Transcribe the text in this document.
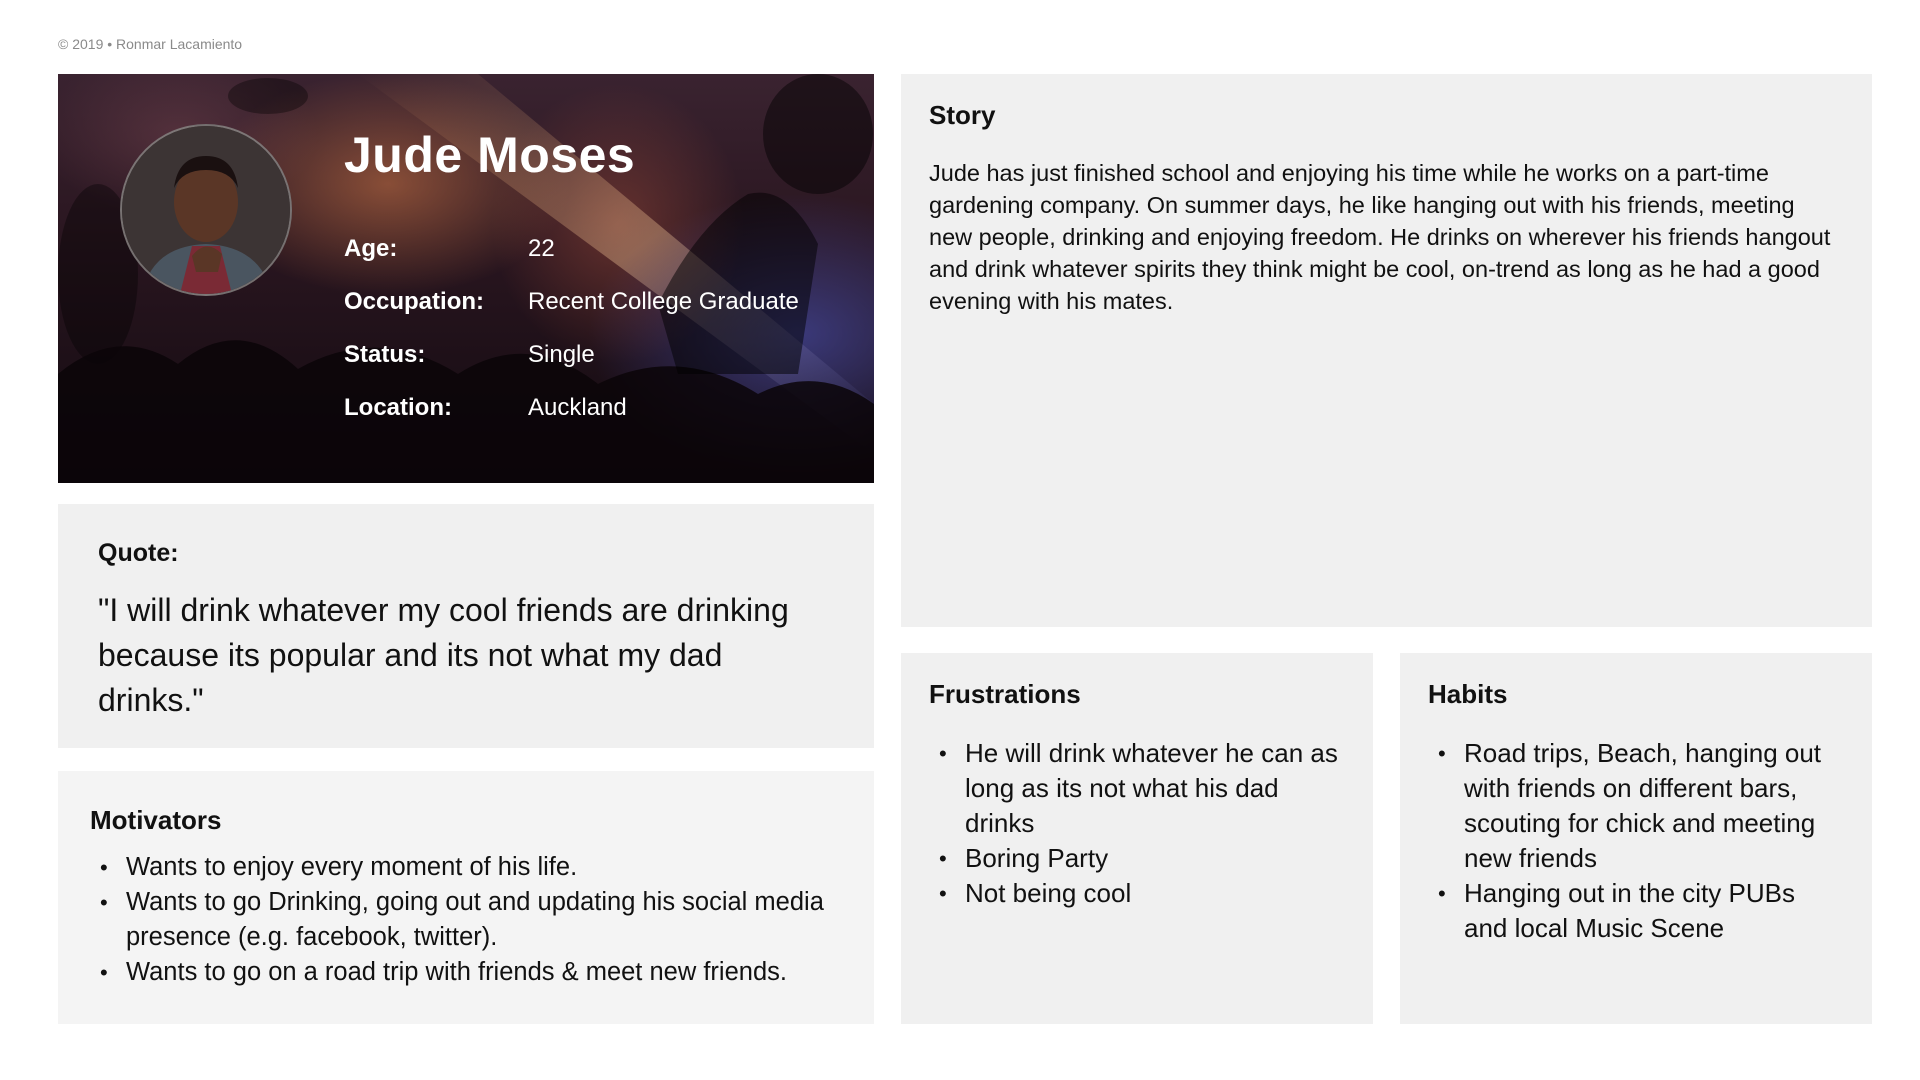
© 2019 • Ronmar Lacamiento
Jude Moses
Age:	22
Occupation:	Recent College Graduate
Status:	Single
Location:	Auckland
Quote:
"I will drink whatever my cool friends are drinking because its popular and its not what my dad drinks."
Motivators
• Wants to enjoy every moment of his life.
• Wants to go Drinking, going out and updating his social media presence (e.g. facebook, twitter).
• Wants to go on a road trip with friends & meet new friends.
Story
Jude has just finished school and enjoying his time while he works on a part-time gardening company. On summer days, he like hanging out with his friends, meeting new people, drinking and enjoying freedom. He drinks on wherever his friends hangout and drink whatever spirits they think might be cool, on-trend as long as he had a good evening with his mates.
Frustrations
• He will drink whatever he can as long as its not what his dad drinks
• Boring Party
• Not being cool
Habits
• Road trips, Beach, hanging out with friends on different bars, scouting for chick and meeting new friends
• Hanging out in the city PUBs and local Music Scene
